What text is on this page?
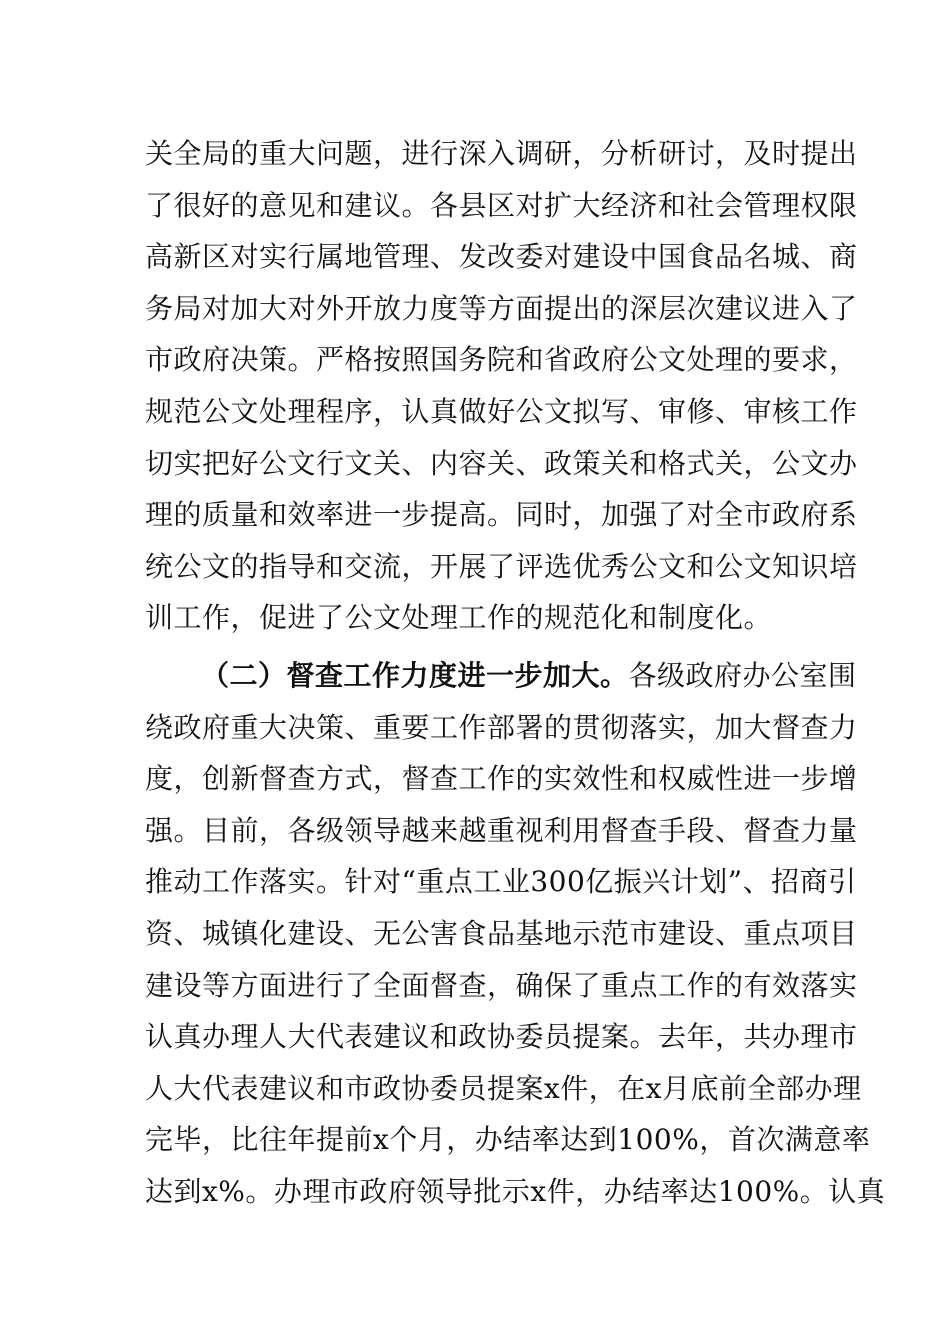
关全局的重大问题，进行深入调研，分析研讨，及时提出
了很好的意见和建议。各县区对扩大经济和社会管理权限
高新区对实行属地管理、发改委对建设中国食品名城、商
务局对加大对外开放力度等方面提出的深层次建议进入了
市政府决策。严格按照国务院和省政府公文处理的要求，
规范公文处理程序，认真做好公文拟写、审修、审核工作
切实把好公文行文关、内容关、政策关和格式关，公文办
理的质量和效率进一步提高。同时，加强了对全市政府系
统公文的指导和交流，开展了评选优秀公文和公文知识培
训工作，促进了公文处理工作的规范化和制度化。
（二）督查工作力度进一步加大。各级政府办公室围
绕政府重大决策、重要工作部署的贯彻落实，加大督查力
度，创新督查方式，督查工作的实效性和权威性进一步增
强。目前，各级领导越来越重视利用督查手段、督查力量
推动工作落实。针对“重点工业300亿振兴计划”、招商引
资、城镇化建设、无公害食品基地示范市建设、重点项目
建设等方面进行了全面督查，确保了重点工作的有效落实
认真办理人大代表建议和政协委员提案。去年，共办理市
人大代表建议和市政协委员提案x件，在x月底前全部办理
完毕，比往年提前x个月，办结率达到100%，首次满意率
达到x%。办理市政府领导批示x件，办结率达100%。认真
